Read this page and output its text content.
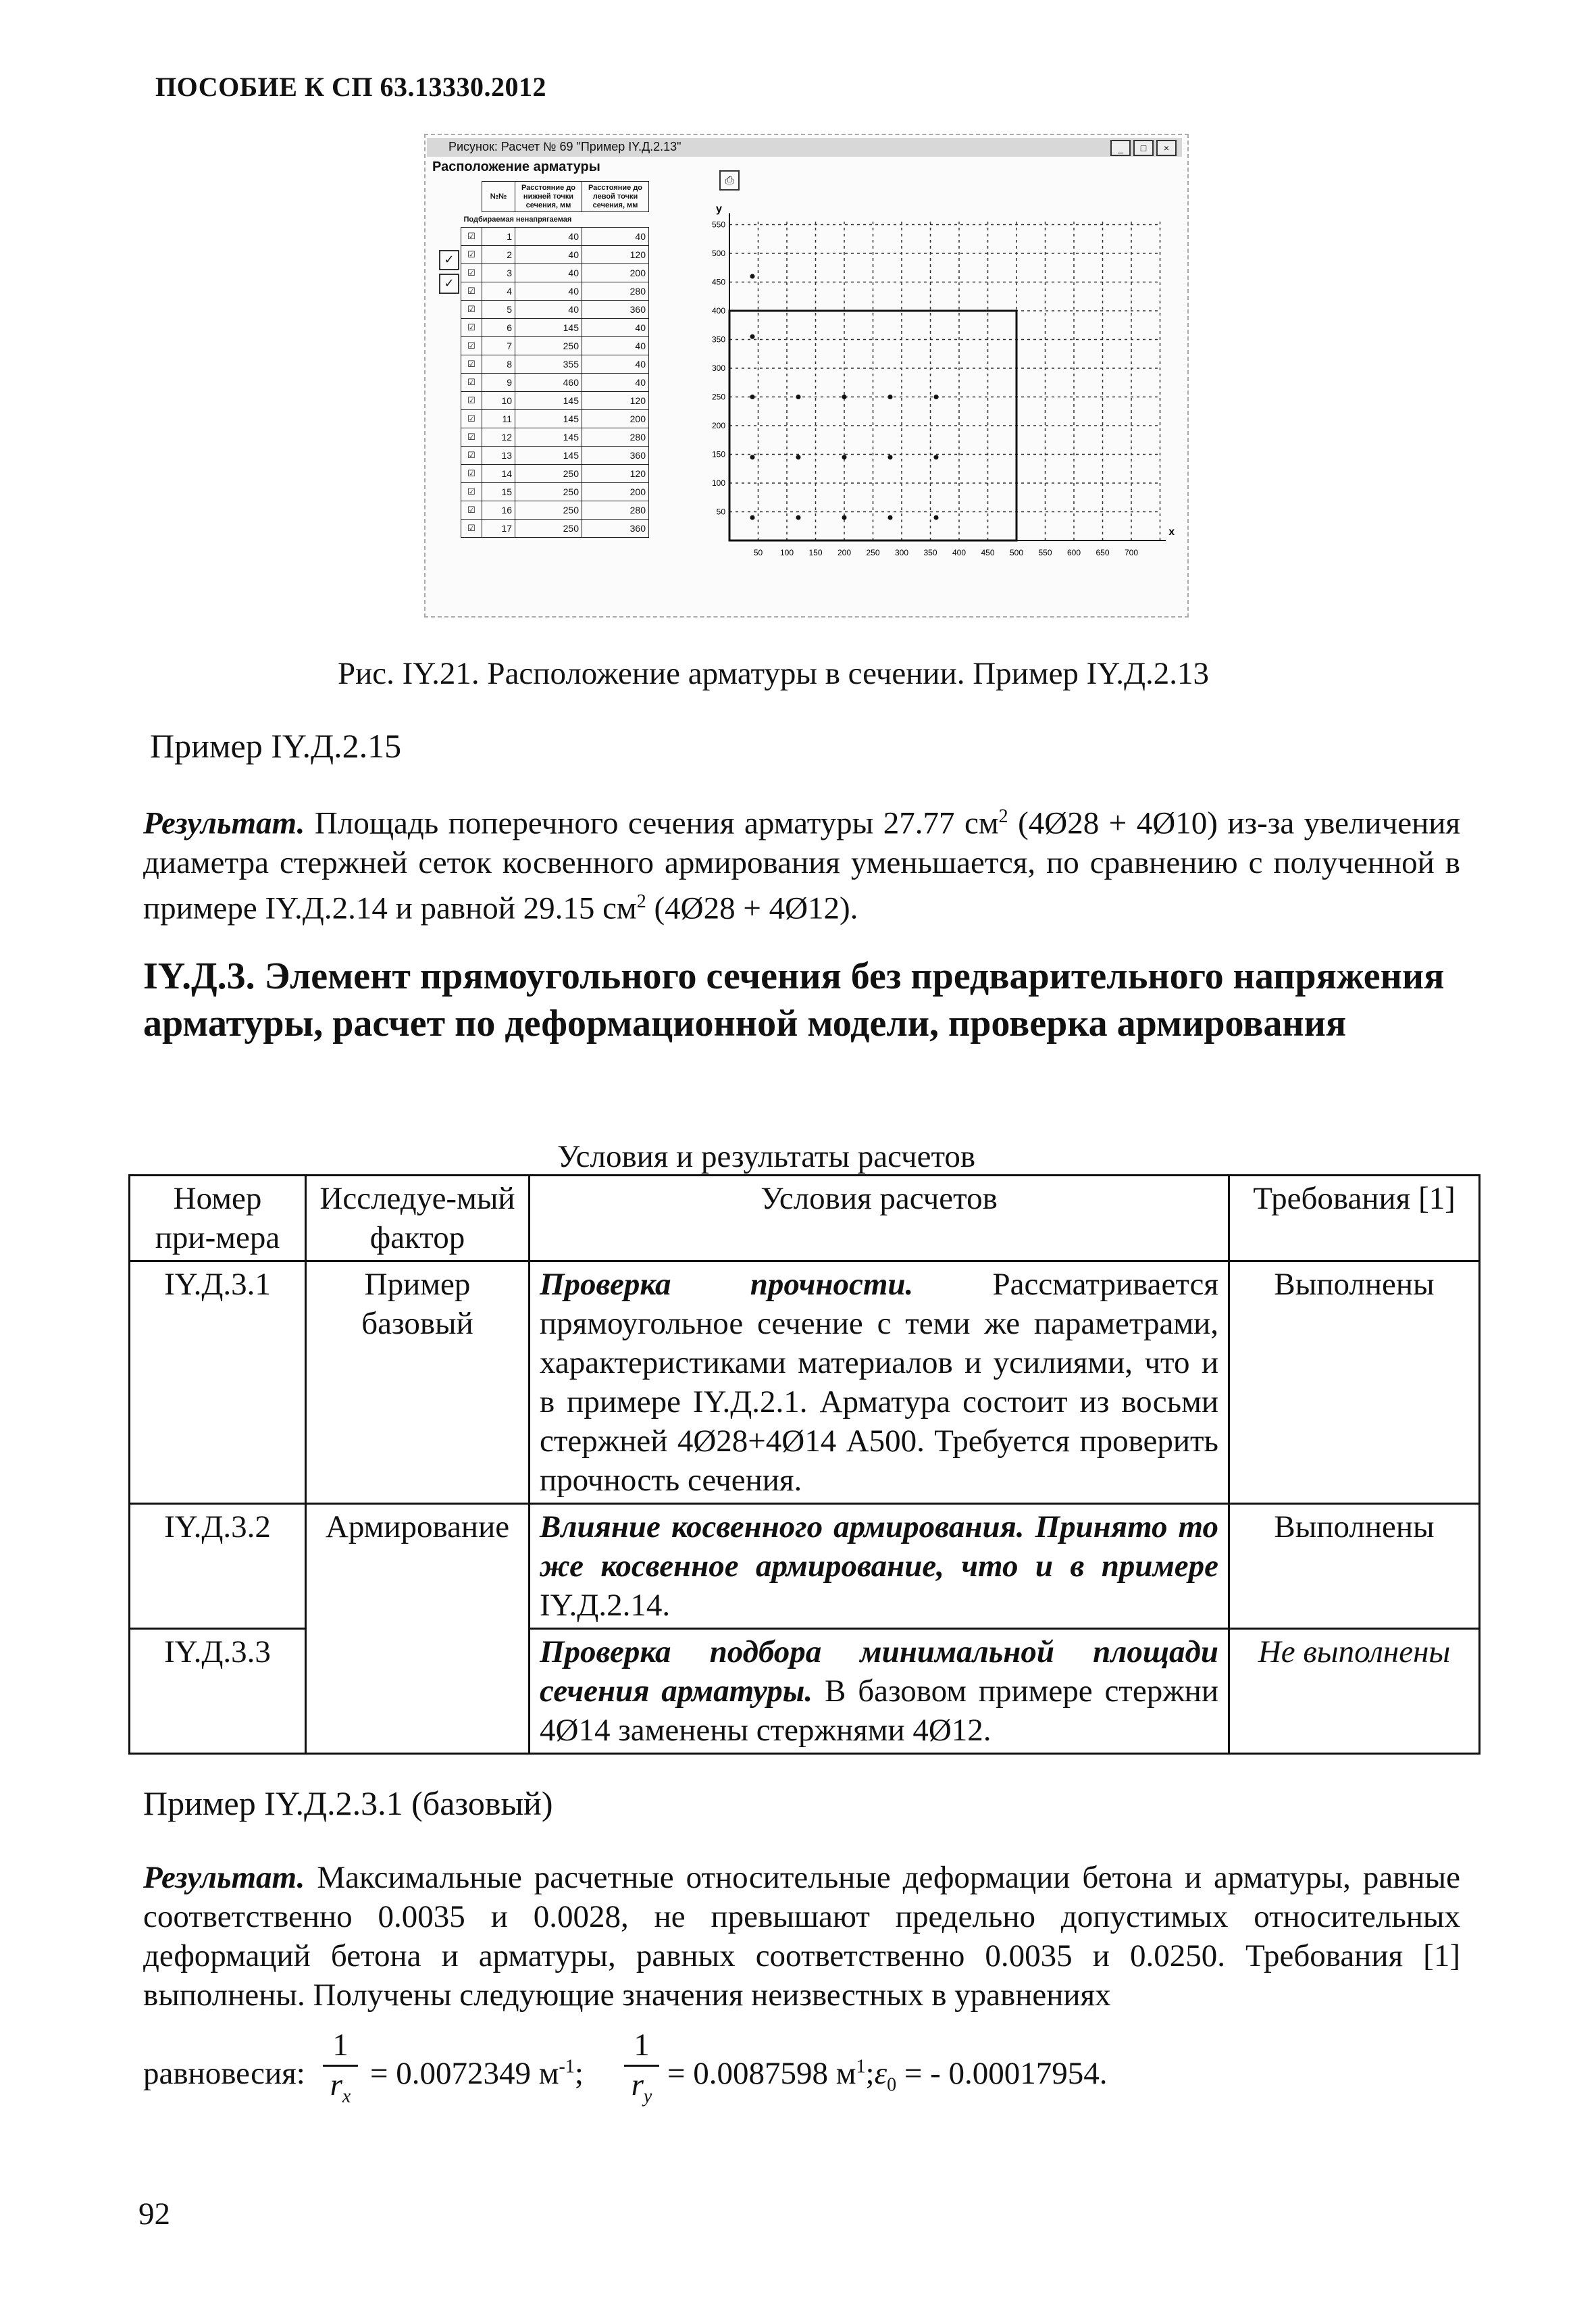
ПОСОБИЕ К СП 63.13330.2012
Рисунок: Расчет № 69 "Пример IY.Д.2.13"	_	□	×
Расположение арматуры
✓
✓
	№№	Расстояние до нижней точки сечения, мм	Расстояние до левой точки сечения, мм
Подбираемая ненапрягаемая			
☑	1	40	40
☑	2	40	120
☑	3	40	200
☑	4	40	280
☑	5	40	360
☑	6	145	40
☑	7	250	40
☑	8	355	40
☑	9	460	40
☑	10	145	120
☑	11	145	200
☑	12	145	280
☑	13	145	360
☑	14	250	120
☑	15	250	200
☑	16	250	280
☑	17	250	360
⎙
50 100 150 200 250 300 350 400 450 500 550 600 650 700
50
100
150
200
250
300
350
400
450
500
550
y
x
Рис. IY.21. Расположение арматуры в сечении. Пример IY.Д.2.13
Пример IY.Д.2.15
Результат. Площадь поперечного сечения арматуры 27.77 $см^2$ (4Ø28 + 4Ø10) из-за увеличения диаметра стержней сеток косвенного армирования уменьшается, по сравнению с полученной в примере IY.Д.2.14 и равной 29.15 $см^2$ (4Ø28 + 4Ø12).
IY.Д.3. Элемент прямоугольного сечения без предварительного напряжения арматуры, расчет по деформационной модели, проверка армирования
Условия и результаты расчетов
Номер при-мера	Исследуе-мый фактор	Условия расчетов	Требования [1]
IY.Д.3.1	Пример базовый	Проверка прочности. Рассматривается прямоугольное сечение с теми же параметрами, характеристиками материалов и усилиями, что и в примере IY.Д.2.1. Арматура состоит из восьми стержней 4Ø28+4Ø14 А500. Требуется проверить прочность сечения.	Выполнены
IY.Д.3.2	Армирование	Влияние косвенного армирования. Принято то же косвенное армирование, что и в примере IY.Д.2.14.	Выполнены
IY.Д.3.3		Проверка подбора минимальной площади сечения арматуры. В базовом примере стержни 4Ø14 заменены стержнями 4Ø12.	Не выполнены
Пример IY.Д.2.3.1 (базовый)
Результат. Максимальные расчетные относительные деформации бетона и арматуры, равные соответственно 0.0035 и 0.0028, не превышают предельно допустимых относительных деформаций бетона и арматуры, равных соответственно 0.0035 и 0.0250. Требования [1] выполнены. Получены следующие значения неизвестных в уравнениях
равновесия:
1
$r_x$
= 0.0072349 $м^{-1}$;
1
$r_y$
= 0.0087598 $м^1;\varepsilon_0$ = - 0.00017954.
92
